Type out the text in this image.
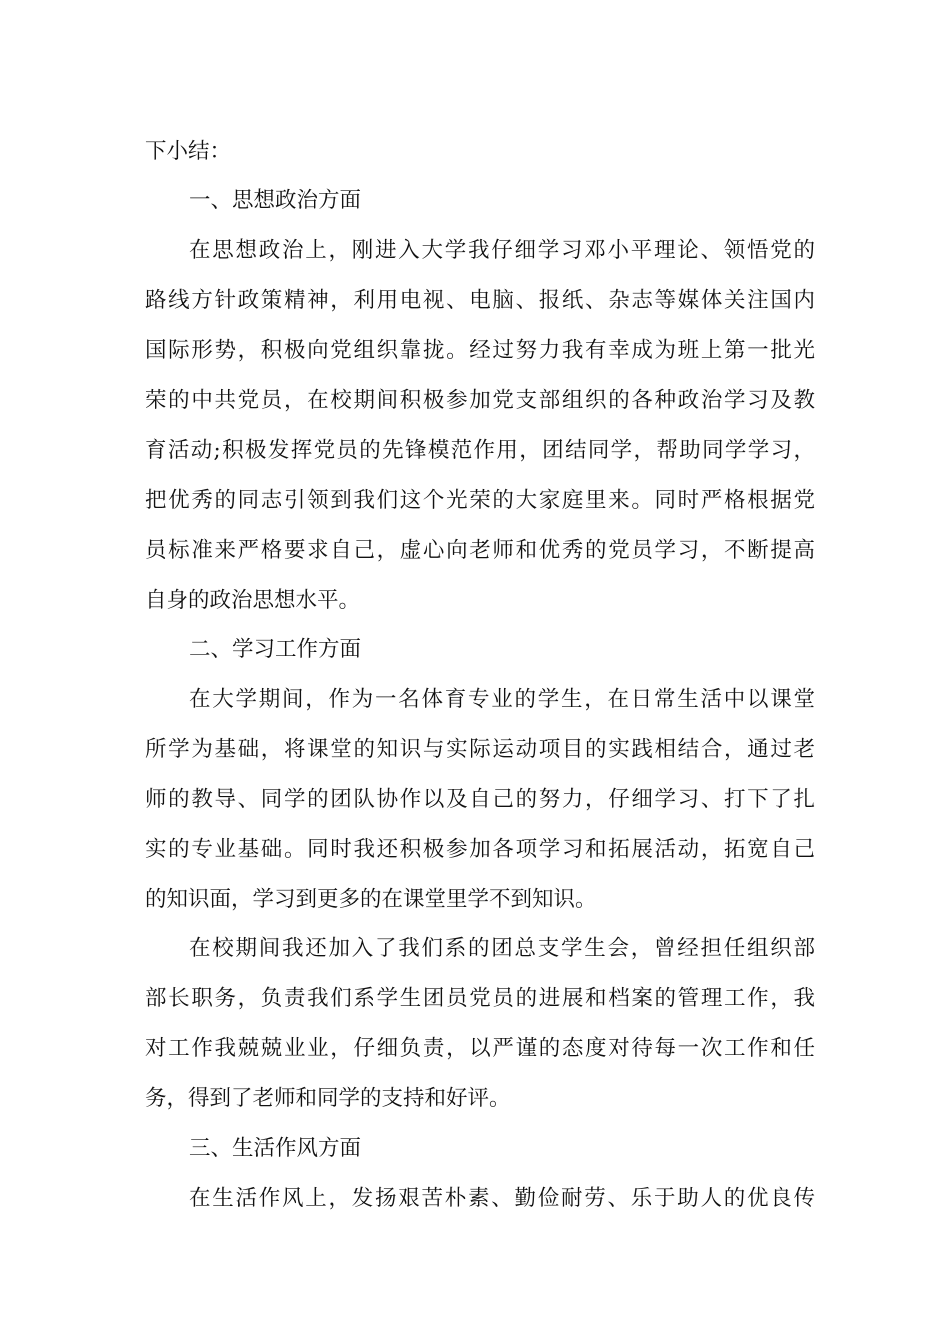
下小结：
一、思想政治方面
在思想政治上，刚进入大学我仔细学习邓小平理论、领悟党的
路线方针政策精神，利用电视、电脑、报纸、杂志等媒体关注国内
国际形势，积极向党组织靠拢。经过努力我有幸成为班上第一批光
荣的中共党员，在校期间积极参加党支部组织的各种政治学习及教
育活动;积极发挥党员的先锋模范作用，团结同学，帮助同学学习，
把优秀的同志引领到我们这个光荣的大家庭里来。同时严格根据党
员标准来严格要求自己，虚心向老师和优秀的党员学习，不断提高
自身的政治思想水平。
二、学习工作方面
在大学期间，作为一名体育专业的学生，在日常生活中以课堂
所学为基础，将课堂的知识与实际运动项目的实践相结合，通过老
师的教导、同学的团队协作以及自己的努力，仔细学习、打下了扎
实的专业基础。同时我还积极参加各项学习和拓展活动，拓宽自己
的知识面，学习到更多的在课堂里学不到知识。
在校期间我还加入了我们系的团总支学生会，曾经担任组织部
部长职务，负责我们系学生团员党员的进展和档案的管理工作，我
对工作我兢兢业业，仔细负责，以严谨的态度对待每一次工作和任
务，得到了老师和同学的支持和好评。
三、生活作风方面
在生活作风上，发扬艰苦朴素、勤俭耐劳、乐于助人的优良传
